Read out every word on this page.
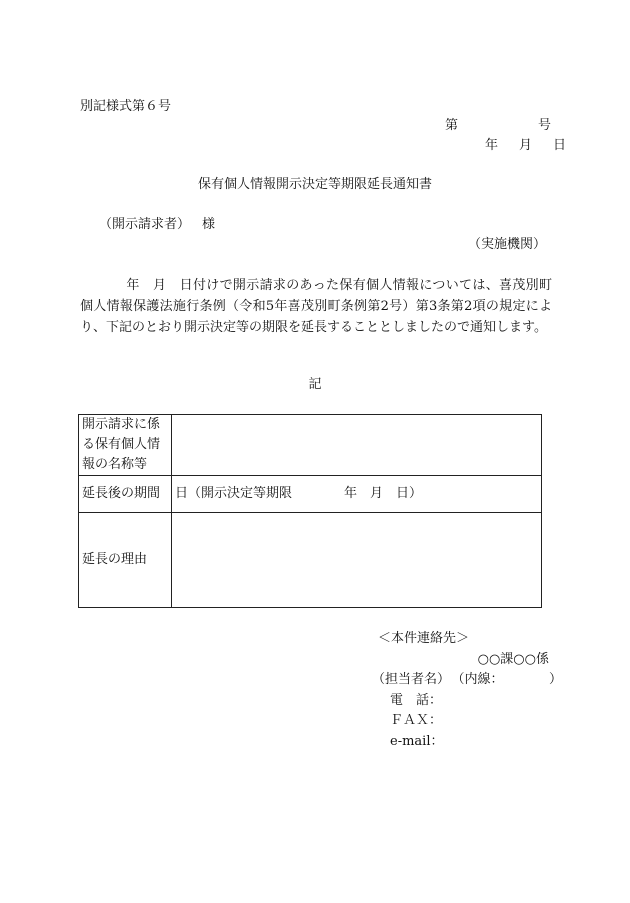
別記様式第６号
第	号
年　月　日
保有個人情報開示決定等期限延長通知書
（開示請求者） 様
（実施機関）
年　月　日付けで開示請求のあった保有個人情報については、喜茂別町個人情報保護法施行条例（令和5年喜茂別町条例第2号）第3条第2項の規定により、下記のとおり開示決定等の期限を延長することとしましたので通知します。
記
開示請求に係る保有個人情報の名称等	

延長後の期間	日（開示決定等期限　　　　年　月　日）
延長の理由	
＜本件連絡先＞
○○課○○係
（担当者名） （内線：　　　　）
電　話：
ＦＡＸ：
e-mail：
